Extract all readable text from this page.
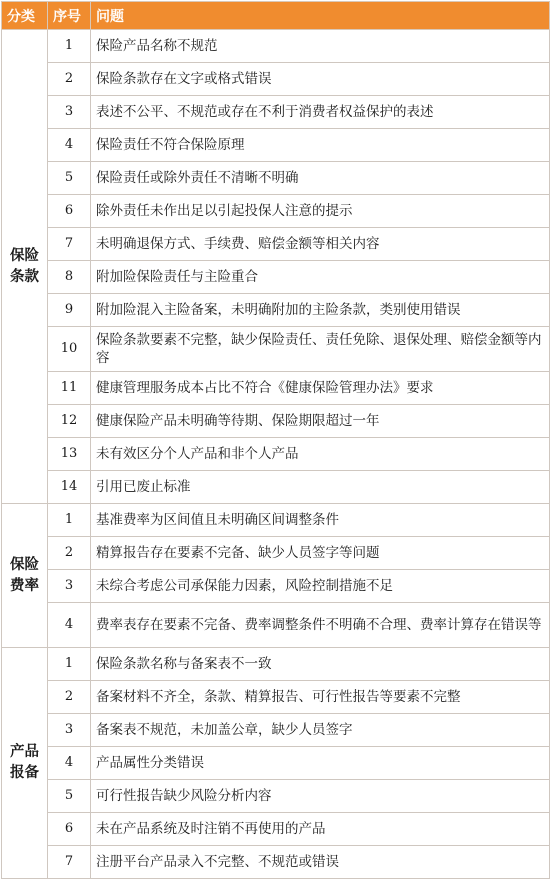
分类	序号	问题

保险
条款	1	保险产品名称不规范
	2	保险条款存在文字或格式错误
	3	表述不公平、不规范或存在不利于消费者权益保护的表述
	4	保险责任不符合保险原理
	5	保险责任或除外责任不清晰不明确
	6	除外责任未作出足以引起投保人注意的提示
	7	未明确退保方式、手续费、赔偿金额等相关内容
	8	附加险保险责任与主险重合
	9	附加险混入主险备案，未明确附加的主险条款，类别使用错误
	10	保险条款要素不完整，缺少保险责任、责任免除、退保处理、赔偿金额等内容
	11	健康管理服务成本占比不符合《健康保险管理办法》要求
	12	健康保险产品未明确等待期、保险期限超过一年
	13	未有效区分个人产品和非个人产品
	14	引用已废止标准

保险
费率	1	基准费率为区间值且未明确区间调整条件
	2	精算报告存在要素不完备、缺少人员签字等问题
	3	未综合考虑公司承保能力因素，风险控制措施不足
	4	费率表存在要素不完备、费率调整条件不明确不合理、费率计算存在错误等

产品
报备	1	保险条款名称与备案表不一致
	2	备案材料不齐全，条款、精算报告、可行性报告等要素不完整
	3	备案表不规范，未加盖公章，缺少人员签字
	4	产品属性分类错误
	5	可行性报告缺少风险分析内容
	6	未在产品系统及时注销不再使用的产品
	7	注册平台产品录入不完整、不规范或错误
